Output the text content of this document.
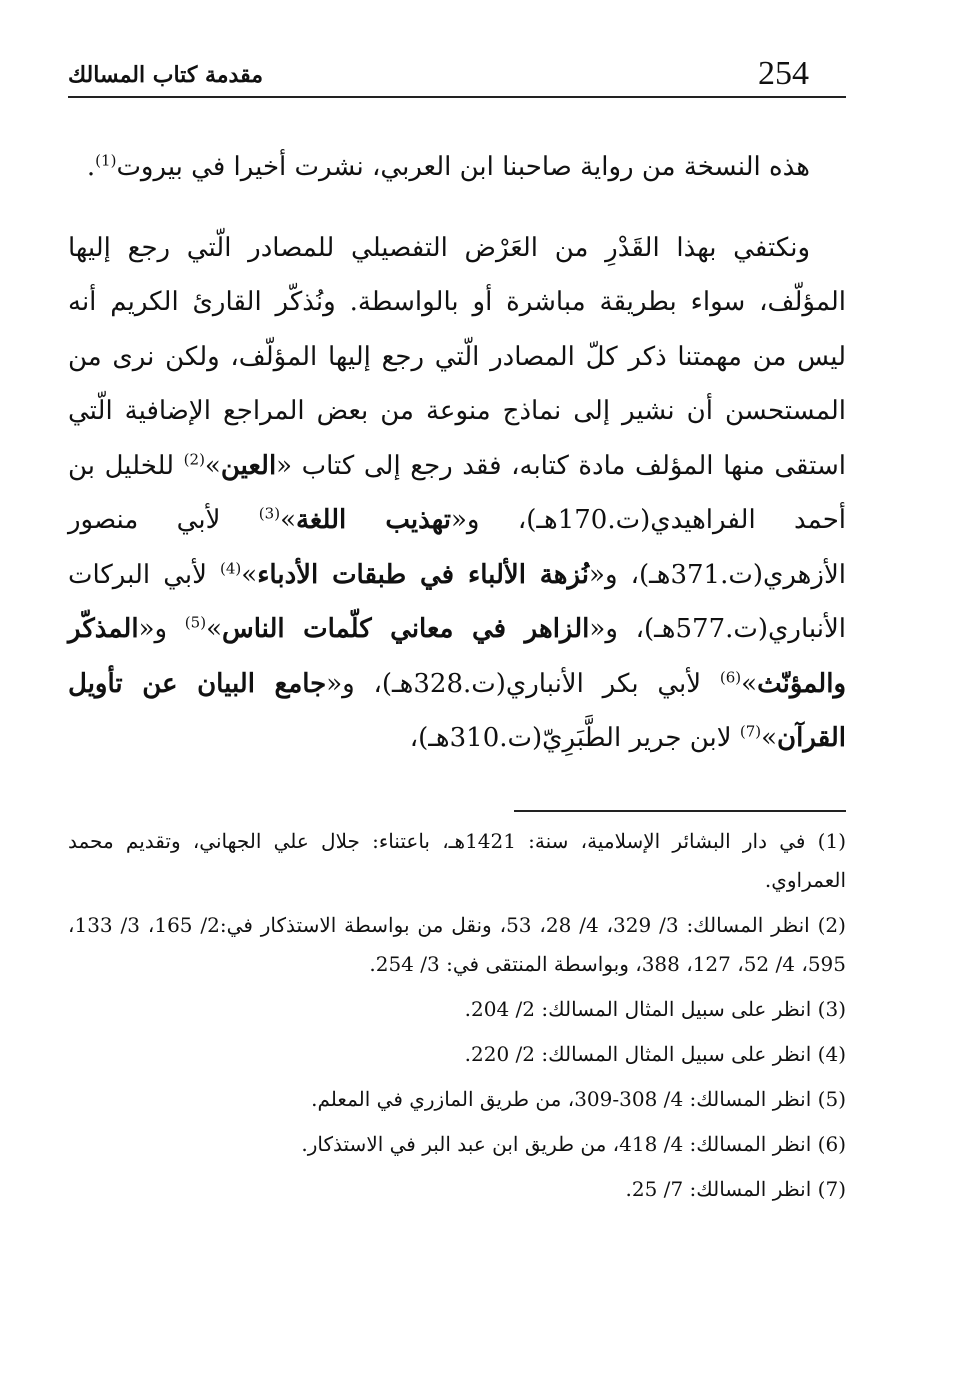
254
مقدمة كتاب المسالك

هذه النسخة من رواية صاحبنا ابن العربي، نشرت أخيرا في بيروت$^{(1)}$.

ونكتفي بهذا القَدْرِ من العَرْض التفصيلي للمصادر الّتي رجع إليها المؤلّف، سواء بطريقة مباشرة أو بالواسطة. ونُذكّر القارئ الكريم أنه ليس من مهمتنا ذكر كلّ المصادر الّتي رجع إليها المؤلّف، ولكن نرى من المستحسن أن نشير إلى نماذج منوعة من بعض المراجع الإضافية الّتي استقى منها المؤلف مادة كتابه، فقد رجع إلى كتاب «العين»$^{(2)}$ للخليل بن أحمد الفراهيدي(ت.170هـ)، و«تهذيب اللغة»$^{(3)}$ لأبي منصور الأزهري(ت.371هـ)، و«نُزهة الألباء في طبقات الأدباء»$^{(4)}$ لأبي البركات الأنباري(ت.577هـ)، و«الزاهر في معاني كلّمات الناس»$^{(5)}$ و«المذكّر والمؤنّث»$^{(6)}$ لأبي بكر الأنباري(ت.328هـ)، و«جامع البيان عن تأويل القرآن»$^{(7)}$ لابن جرير الطَّبَرِيّ(ت.310هـ)،

(1) في دار البشائر الإسلامية، سنة: 1421هـ، باعتناء: جلال علي الجهاني، وتقديم محمد العمراوي.

(2) انظر المسالك: 3/ 329، 4/ 28، 53، ونقل من بواسطة الاستذكار في:2/ 165، 3/ 133، 595، 4/ 52، 127، 388، وبواسطة المنتقى في: 3/ 254.

(3) انظر على سبيل المثال المسالك: 2/ 204.

(4) انظر على سبيل المثال المسالك: 2/ 220.

(5) انظر المسالك: 4/ 308-309، من طريق المازري في المعلم.

(6) انظر المسالك: 4/ 418، من طريق ابن عبد البر في الاستذكار.

(7) انظر المسالك: 7/ 25.
